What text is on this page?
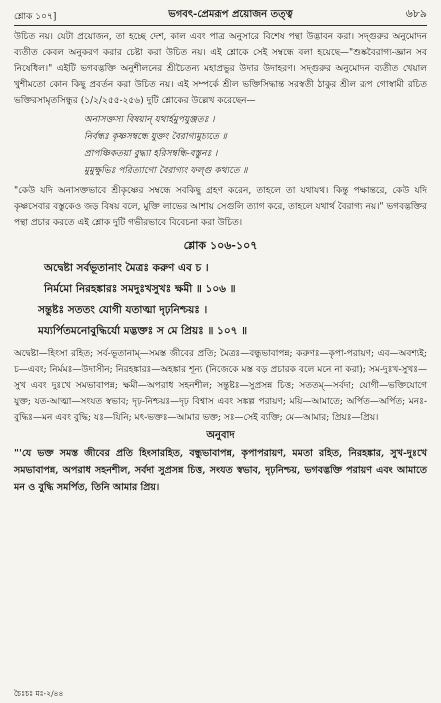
শ্লোক ১০৭]	ভগবৎ-প্রেমরূপ প্রয়োজন তত্ত্ব	৬৮৯

উচিত নয়। যেটা প্রয়োজন, তা হচ্ছে দেশ, কাল এবং পাত্র অনুসারে বিশেষ পন্থা উদ্ভাবন করা। সদ্গুরুর অনুমোদন ব্যতীত কেবল অনুকরণ করার চেষ্টা করা উচিত নয়। এই শ্লোকে সেই সম্বন্ধে বলা হয়েছে—"শুষ্কবৈরাগ্য-জ্ঞান সব নিষেধিল।" এইটি ভগবদ্ভক্তি অনুশীলনের শ্রীচৈতন্য মহাপ্রভুর উদার উদাহরণ। সদ্গুরুর অনুমোদন ব্যতীত খেয়াল খুশীমতো কোন কিছু প্রবর্তন করা উচিত নয়। এই সম্পর্কে শ্রীল ভক্তিসিদ্ধান্ত সরস্বতী ঠাকুর শ্রীল রূপ গোস্বামী রচিত ভক্তিরসামৃতসিন্ধুর (১/২/২৫৫-২৫৬) দুটি শ্লোকের উল্লেখ করেছেন—

অনাসক্তস্য বিষয়ান্ যথার্হমুপযুঞ্জতঃ ।
নির্বন্ধঃ কৃষ্ণসম্বন্ধে যুক্তং বৈরাগ্যমুচ্যতে ॥
প্রাপঞ্চিকতয়া বুদ্ধ্যা হরিসম্বন্ধি-বস্তুনঃ ।
মুমুক্ষুভিঃ পরিত্যাগো বৈরাগ্যং ফল্গু কথ্যতে ॥

"কেউ যদি অনাসক্তভাবে শ্রীকৃষ্ণের সম্বন্ধে সবকিছু গ্রহণ করেন, তাহলে তা যথাযথ। কিন্তু পক্ষান্তরে, কেউ যদি কৃষ্ণসেবার বস্তুকেও জড় বিষয় বলে, মুক্তি লাভের আশায় সেগুলি ত্যাগ করে, তাহলে যথার্থ বৈরাগ্য নয়।" ভগবদ্ভক্তির পন্থা প্রচার করতে এই শ্লোক দুটি গভীরভাবে বিবেচনা করা উচিত।

শ্লোক ১০৬-১০৭
অদ্বেষ্টা সর্বভূতানাং মৈত্রঃ করুণ এব চ ।
নির্মমো নিরহঙ্কারঃ সমদুঃখসুখঃ ক্ষমী ॥ ১০৬ ॥
সন্তুষ্টঃ সততং যোগী যতাত্মা দৃঢ়নিশ্চয়ঃ ।
ময্যর্পিতমনোবুদ্ধির্যো মদ্ভক্তঃ স মে প্রিয়ঃ ॥ ১০৭ ॥

অদ্বেষ্টা—হিংসা রহিত; সর্ব-ভূতানাম্—সমস্ত জীবের প্রতি; মৈত্রঃ—বন্ধুভাবাপন্ন; করুণঃ—কৃপা-পরায়ণ; এব—অবশ্যই; চ—এবং; নির্মমঃ—উদাসীন; নিরহঙ্কারঃ—অহঙ্কার শূন্য (নিজেকে মস্ত বড় প্রচারক বলে মনে না করা); সম-দুঃখ-সুখঃ—সুখ এবং দুঃখে সমভাবাপন্ন; ক্ষমী—অপরাধ সহনশীল; সন্তুষ্টঃ—সুপ্রসন্ন চিত্ত; সততম্—সর্বদা; যোগী—ভক্তিযোগে যুক্ত; যত-আত্মা—সংযত স্বভাব; দৃঢ়-নিশ্চয়ঃ—দৃঢ় বিশ্বাস এবং সঙ্কল্প পরায়ণ; ময়ি—আমাতে; অর্পিত—অর্পিত; মনঃ-বুদ্ধিঃ—মন এবং বুদ্ধি; যঃ—যিনি; মৎ-ভক্তঃ—আমার ভক্ত; সঃ—সেই ব্যক্তি; মে—আমার; প্রিয়ঃ—প্রিয়।

অনুবাদ

"'যে ভক্ত সমস্ত জীবের প্রতি হিংসারহিত, বন্ধুভাবাপন্ন, কৃপাপরায়ণ, মমতা রহিত, নিরহঙ্কার, সুখ-দুঃখে সমভাবাপন্ন, অপরাধ সহনশীল, সর্বদা সুপ্রসন্ন চিত্ত, সংযত স্বভাব, দৃঢ়নিশ্চয়, ভগবদ্ভক্তি পরায়ণ এবং আমাতে মন ও বুদ্ধি সমর্পিত, তিনি আমার প্রিয়।

চৈঃচঃ মঃ-২/৪৪
